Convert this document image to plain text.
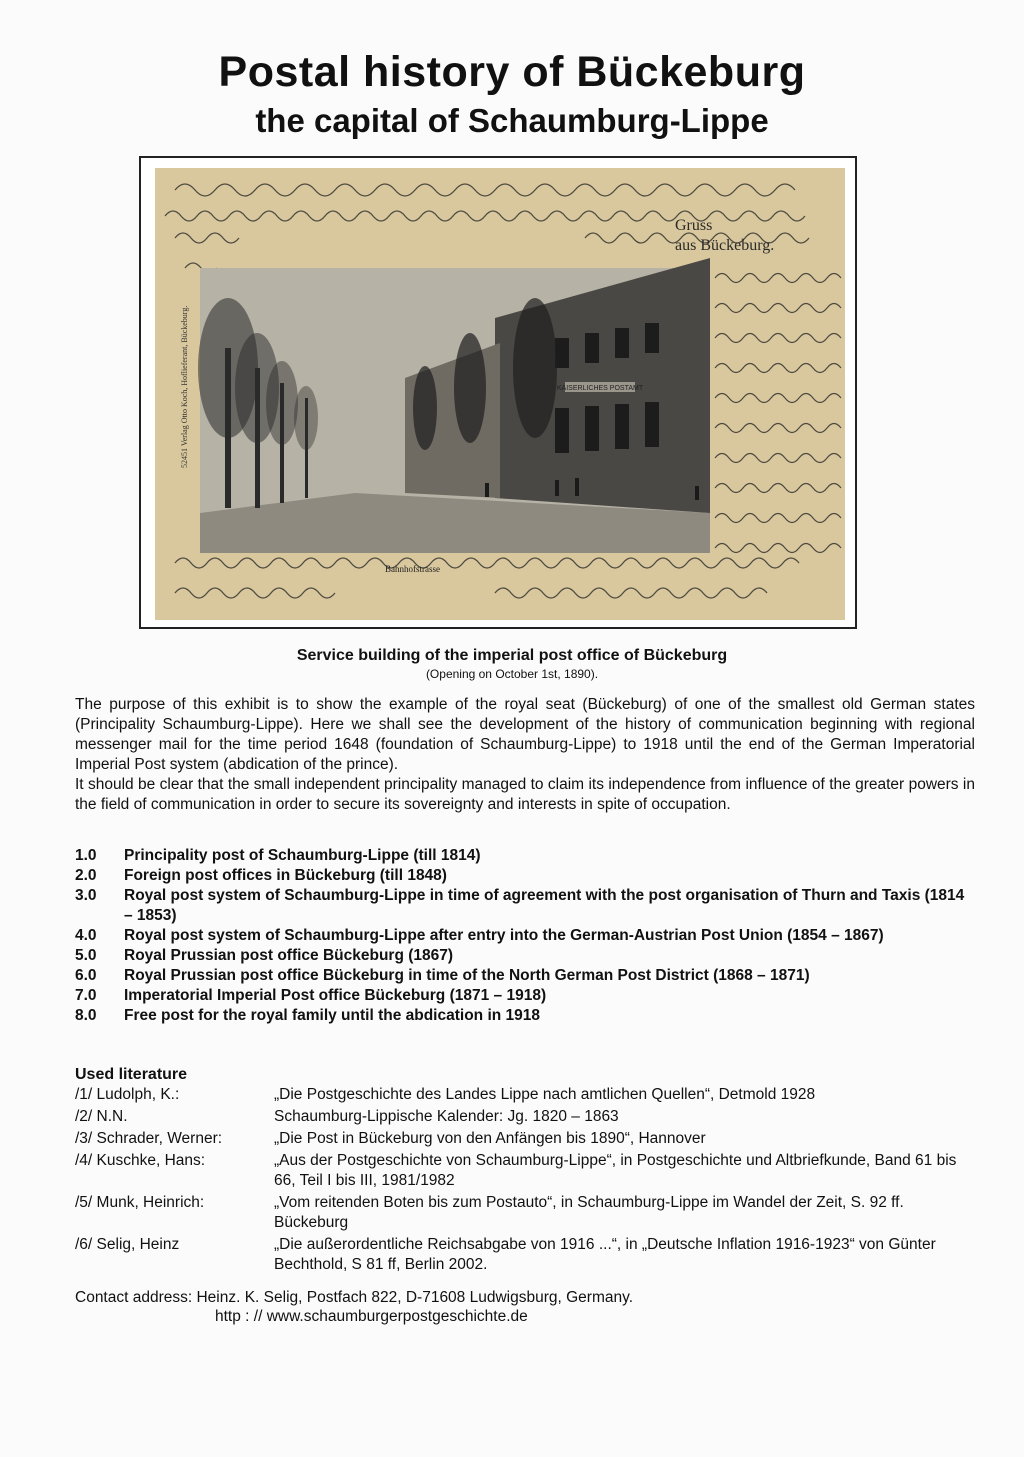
Postal history of Bückeburg
the capital of Schaumburg-Lippe
KAISERLICHES POSTAMT
Gruss
aus Bückeburg.
Bahnhofstrasse
52451 Verlag Otto Koch, Hoflieferant, Bückeburg.
Service building of the imperial post office of Bückeburg
(Opening on October 1st, 1890).

The purpose of this exhibit is to show the example of the royal seat (Bückeburg) of one of the smallest old German states (Principality Schaumburg-Lippe). Here we shall see the development of the history of communication beginning with regional messenger mail for the time period 1648 (foundation of Schaumburg-Lippe) to 1918 until the end of the German Imperatorial Imperial Post system (abdication of the prince).

It should be clear that the small independent principality managed to claim its independence from influence of the greater powers in the field of communication in order to secure its sovereignty and interests in spite of occupation.

1.0	Principality post of Schaumburg-Lippe (till 1814)
2.0	Foreign post offices in Bückeburg (till 1848)
3.0	Royal post system of Schaumburg-Lippe in time of agreement with the post organisation of Thurn and Taxis (1814 – 1853)
4.0	Royal post system of Schaumburg-Lippe after entry into the German-Austrian Post Union (1854 – 1867)
5.0	Royal Prussian post office Bückeburg (1867)
6.0	Royal Prussian post office Bückeburg in time of the North German Post District (1868 – 1871)
7.0	Imperatorial Imperial Post office Bückeburg (1871 – 1918)
8.0	Free post for the royal family until the abdication in 1918
Used literature
/1/ Ludolph, K.:	„Die Postgeschichte des Landes Lippe nach amtlichen Quellen“, Detmold 1928
/2/ N.N.	Schaumburg-Lippische Kalender: Jg. 1820 – 1863
/3/ Schrader, Werner:	„Die Post in Bückeburg von den Anfängen bis 1890“, Hannover
/4/ Kuschke, Hans:	„Aus der Postgeschichte von Schaumburg-Lippe“, in Postgeschichte und Altbriefkunde, Band 61 bis 66, Teil I bis III, 1981/1982
/5/ Munk, Heinrich:	„Vom reitenden Boten bis zum Postauto“, in Schaumburg-Lippe im Wandel der Zeit, S. 92 ff. Bückeburg
/6/ Selig, Heinz	„Die außerordentliche Reichsabgabe von 1916 ...“, in „Deutsche Inflation 1916-1923“ von Günter Bechthold, S 81 ff, Berlin 2002.
Contact address: Heinz. K. Selig, Postfach 822, D-71608 Ludwigsburg, Germany.
http : // www.schaumburgerpostgeschichte.de
